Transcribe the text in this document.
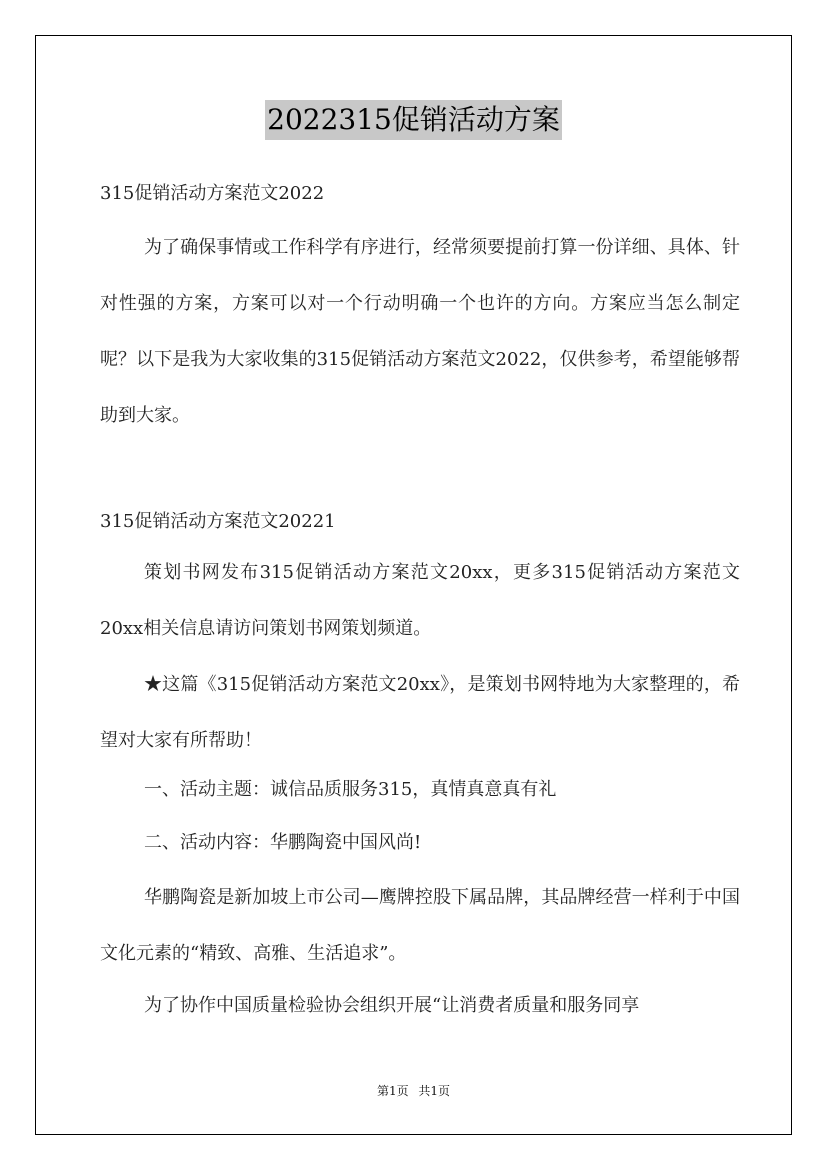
2022315促销活动方案
315促销活动方案范文2022
为了确保事情或工作科学有序进行，经常须要提前打算一份详细、具体、针对性强的方案，方案可以对一个行动明确一个也许的方向。方案应当怎么制定呢？以下是我为大家收集的315促销活动方案范文2022，仅供参考，希望能够帮助到大家。
315促销活动方案范文20221
策划书网发布315促销活动方案范文20xx，更多315促销活动方案范文20xx相关信息请访问策划书网策划频道。
★这篇《315促销活动方案范文20xx》，是策划书网特地为大家整理的，希望对大家有所帮助！
一、活动主题：诚信品质服务315，真情真意真有礼
二、活动内容：华鹏陶瓷中国风尚!
华鹏陶瓷是新加坡上市公司—鹰牌控股下属品牌，其品牌经营一样利于中国文化元素的“精致、高雅、生活追求”。
为了协作中国质量检验协会组织开展“让消费者质量和服务同享
第1页 共1页
